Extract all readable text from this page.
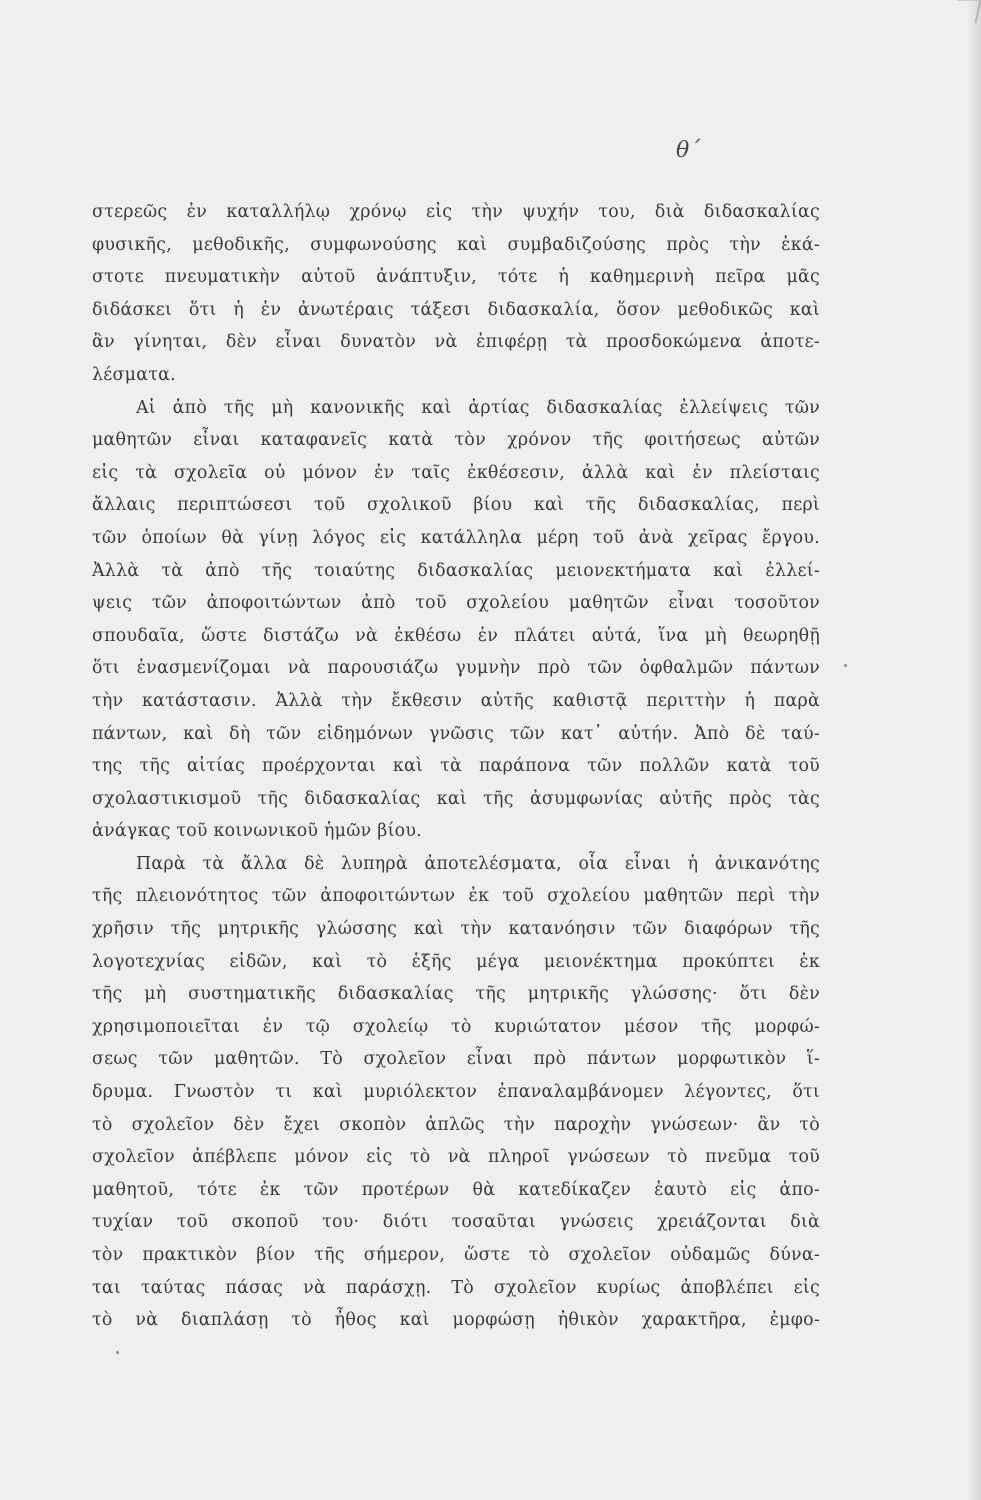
θ΄
στερεῶς ἐν καταλλήλῳ χρόνῳ εἰς τὴν ψυχήν του, διὰ διδασκαλίας
φυσικῆς, μεθοδικῆς, συμφωνούσης καὶ συμβαδιζούσης πρὸς τὴν ἑκά-
στοτε πνευματικὴν αὐτοῦ ἀνάπτυξιν, τότε ἡ καθημερινὴ πεῖρα μᾶς
διδάσκει ὅτι ἡ ἐν ἀνωτέραις τάξεσι διδασκαλία, ὅσον μεθοδικῶς καὶ
ἂν γίνηται, δὲν εἶναι δυνατὸν νὰ ἐπιφέρῃ τὰ προσδοκώμενα ἀποτε-
λέσματα.
Αἱ ἀπὸ τῆς μὴ κανονικῆς καὶ ἀρτίας διδασκαλίας ἐλλείψεις τῶν
μαθητῶν εἶναι καταφανεῖς κατὰ τὸν χρόνον τῆς φοιτήσεως αὐτῶν
εἰς τὰ σχολεῖα οὐ μόνον ἐν ταῖς ἐκθέσεσιν, ἀλλὰ καὶ ἐν πλείσταις
ἄλλαις περιπτώσεσι τοῦ σχολικοῦ βίου καὶ τῆς διδασκαλίας, περὶ
τῶν ὁποίων θὰ γίνῃ λόγος εἰς κατάλληλα μέρη τοῦ ἀνὰ χεῖρας ἔργου.
Ἀλλὰ τὰ ἀπὸ τῆς τοιαύτης διδασκαλίας μειονεκτήματα καὶ ἐλλεί-
ψεις τῶν ἀποφοιτώντων ἀπὸ τοῦ σχολείου μαθητῶν εἶναι τοσοῦτον
σπουδαῖα, ὥστε διστάζω νὰ ἐκθέσω ἐν πλάτει αὐτά, ἵνα μὴ θεωρηθῇ
ὅτι ἐνασμενίζομαι νὰ παρουσιάζω γυμνὴν πρὸ τῶν ὀφθαλμῶν πάντων
τὴν κατάστασιν. Ἀλλὰ τὴν ἔκθεσιν αὐτῆς καθιστᾷ περιττὴν ἡ παρὰ
πάντων, καὶ δὴ τῶν εἰδημόνων γνῶσις τῶν κατ᾽ αὐτήν. Ἀπὸ δὲ ταύ-
της τῆς αἰτίας προέρχονται καὶ τὰ παράπονα τῶν πολλῶν κατὰ τοῦ
σχολαστικισμοῦ τῆς διδασκαλίας καὶ τῆς ἀσυμφωνίας αὐτῆς πρὸς τὰς
ἀνάγκας τοῦ κοινωνικοῦ ἡμῶν βίου.
Παρὰ τὰ ἄλλα δὲ λυπηρὰ ἀποτελέσματα, οἷα εἶναι ἡ ἀνικανότης
τῆς πλειονότητος τῶν ἀποφοιτώντων ἐκ τοῦ σχολείου μαθητῶν περὶ τὴν
χρῆσιν τῆς μητρικῆς γλώσσης καὶ τὴν κατανόησιν τῶν διαφόρων τῆς
λογοτεχνίας εἰδῶν, καὶ τὸ ἑξῆς μέγα μειονέκτημα προκύπτει ἐκ
τῆς μὴ συστηματικῆς διδασκαλίας τῆς μητρικῆς γλώσσης· ὅτι δὲν
χρησιμοποιεῖται ἐν τῷ σχολείῳ τὸ κυριώτατον μέσον τῆς μορφώ-
σεως τῶν μαθητῶν. Τὸ σχολεῖον εἶναι πρὸ πάντων μορφωτικὸν ἵ-
δρυμα. Γνωστὸν τι καὶ μυριόλεκτον ἐπαναλαμβάνομεν λέγοντες, ὅτι
τὸ σχολεῖον δὲν ἔχει σκοπὸν ἁπλῶς τὴν παροχὴν γνώσεων· ἂν τὸ
σχολεῖον ἀπέβλεπε μόνον εἰς τὸ νὰ πληροῖ γνώσεων τὸ πνεῦμα τοῦ
μαθητοῦ, τότε ἐκ τῶν προτέρων θὰ κατεδίκαζεν ἑαυτὸ εἰς ἀπο-
τυχίαν τοῦ σκοποῦ του· διότι τοσαῦται γνώσεις χρειάζονται διὰ
τὸν πρακτικὸν βίον τῆς σήμερον, ὥστε τὸ σχολεῖον οὐδαμῶς δύνα-
ται ταύτας πάσας νὰ παράσχῃ. Τὸ σχολεῖον κυρίως ἀποβλέπει εἰς
τὸ νὰ διαπλάσῃ τὸ ἦθος καὶ μορφώσῃ ἠθικὸν χαρακτῆρα, ἐμφο-
